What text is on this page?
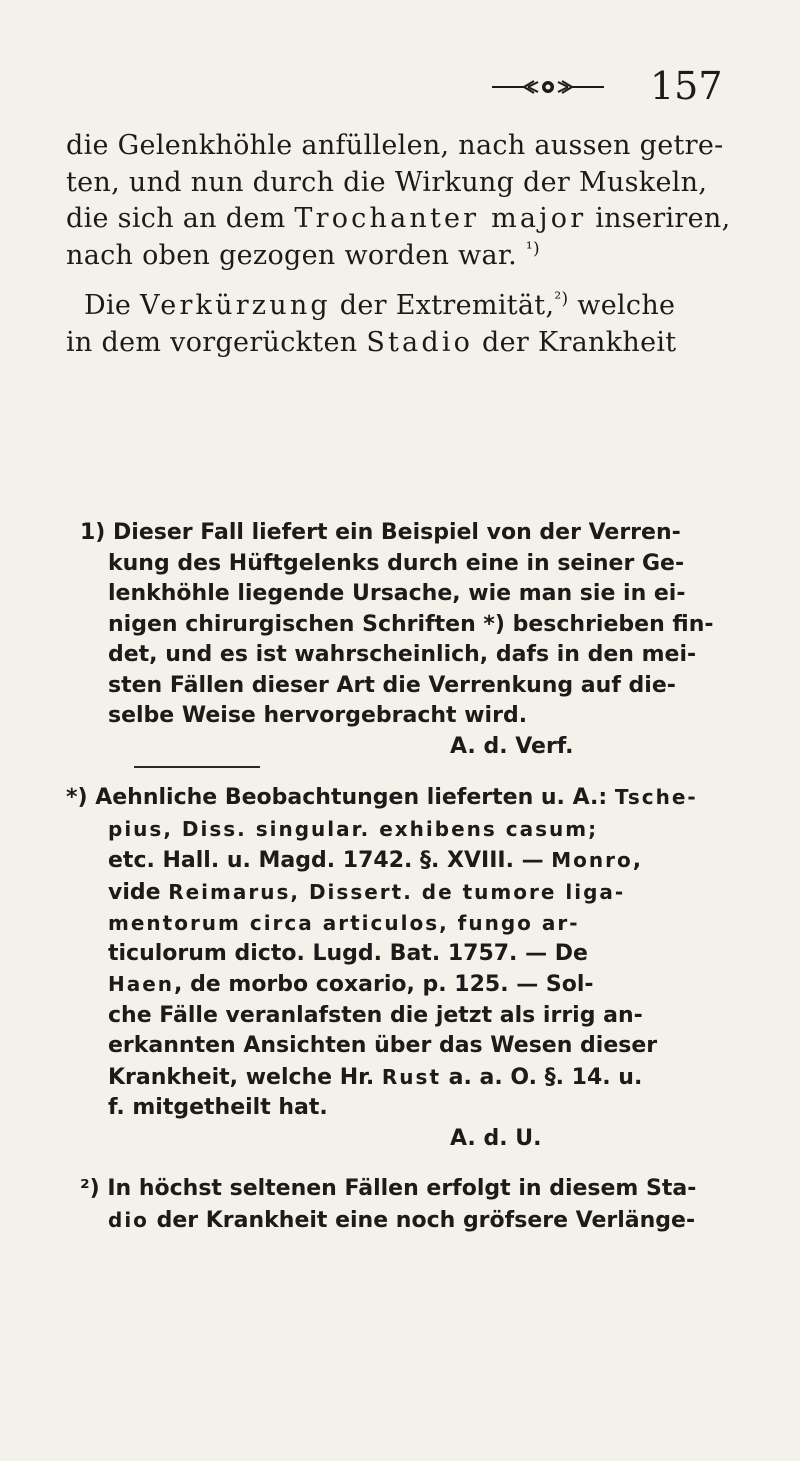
157
die Gelenkhöhle anfüllelen, nach aussen getre-
ten, und nun durch die Wirkung der Muskeln,
die sich an dem Trochanter major inseriren,
nach oben gezogen worden war. $^{^1)}$
Die Verkürzung der Extremität,$^{^2)}$ welche
in dem vorgerückten Stadio der Krankheit
1) Dieser Fall liefert ein Beispiel von der Verren-
kung des Hüftgelenks durch eine in seiner Ge-
lenkhöhle liegende Ursache, wie man sie in ei-
nigen chirurgischen Schriften *) beschrieben fin-
det, und es ist wahrscheinlich, dafs in den mei-
sten Fällen dieser Art die Verrenkung auf die-
selbe Weise hervorgebracht wird.
A. d. Verf.
*) Aehnliche Beobachtungen lieferten u. A.: Tsche-
pius, Diss. singular. exhibens casum;
etc. Hall. u. Magd. 1742. §. XVIII. — Monro,
vide Reimarus, Dissert. de tumore liga-
mentorum circa articulos, fungo ar-
ticulorum dicto. Lugd. Bat. 1757. — De
Haen, de morbo coxario, p. 125. — Sol-
che Fälle veranlafsten die jetzt als irrig an-
erkannten Ansichten über das Wesen dieser
Krankheit, welche Hr. Rust a. a. O. §. 14. u.
f. mitgetheilt hat.
A. d. U.
²) In höchst seltenen Fällen erfolgt in diesem Sta-
dio der Krankheit eine noch gröfsere Verlänge-
